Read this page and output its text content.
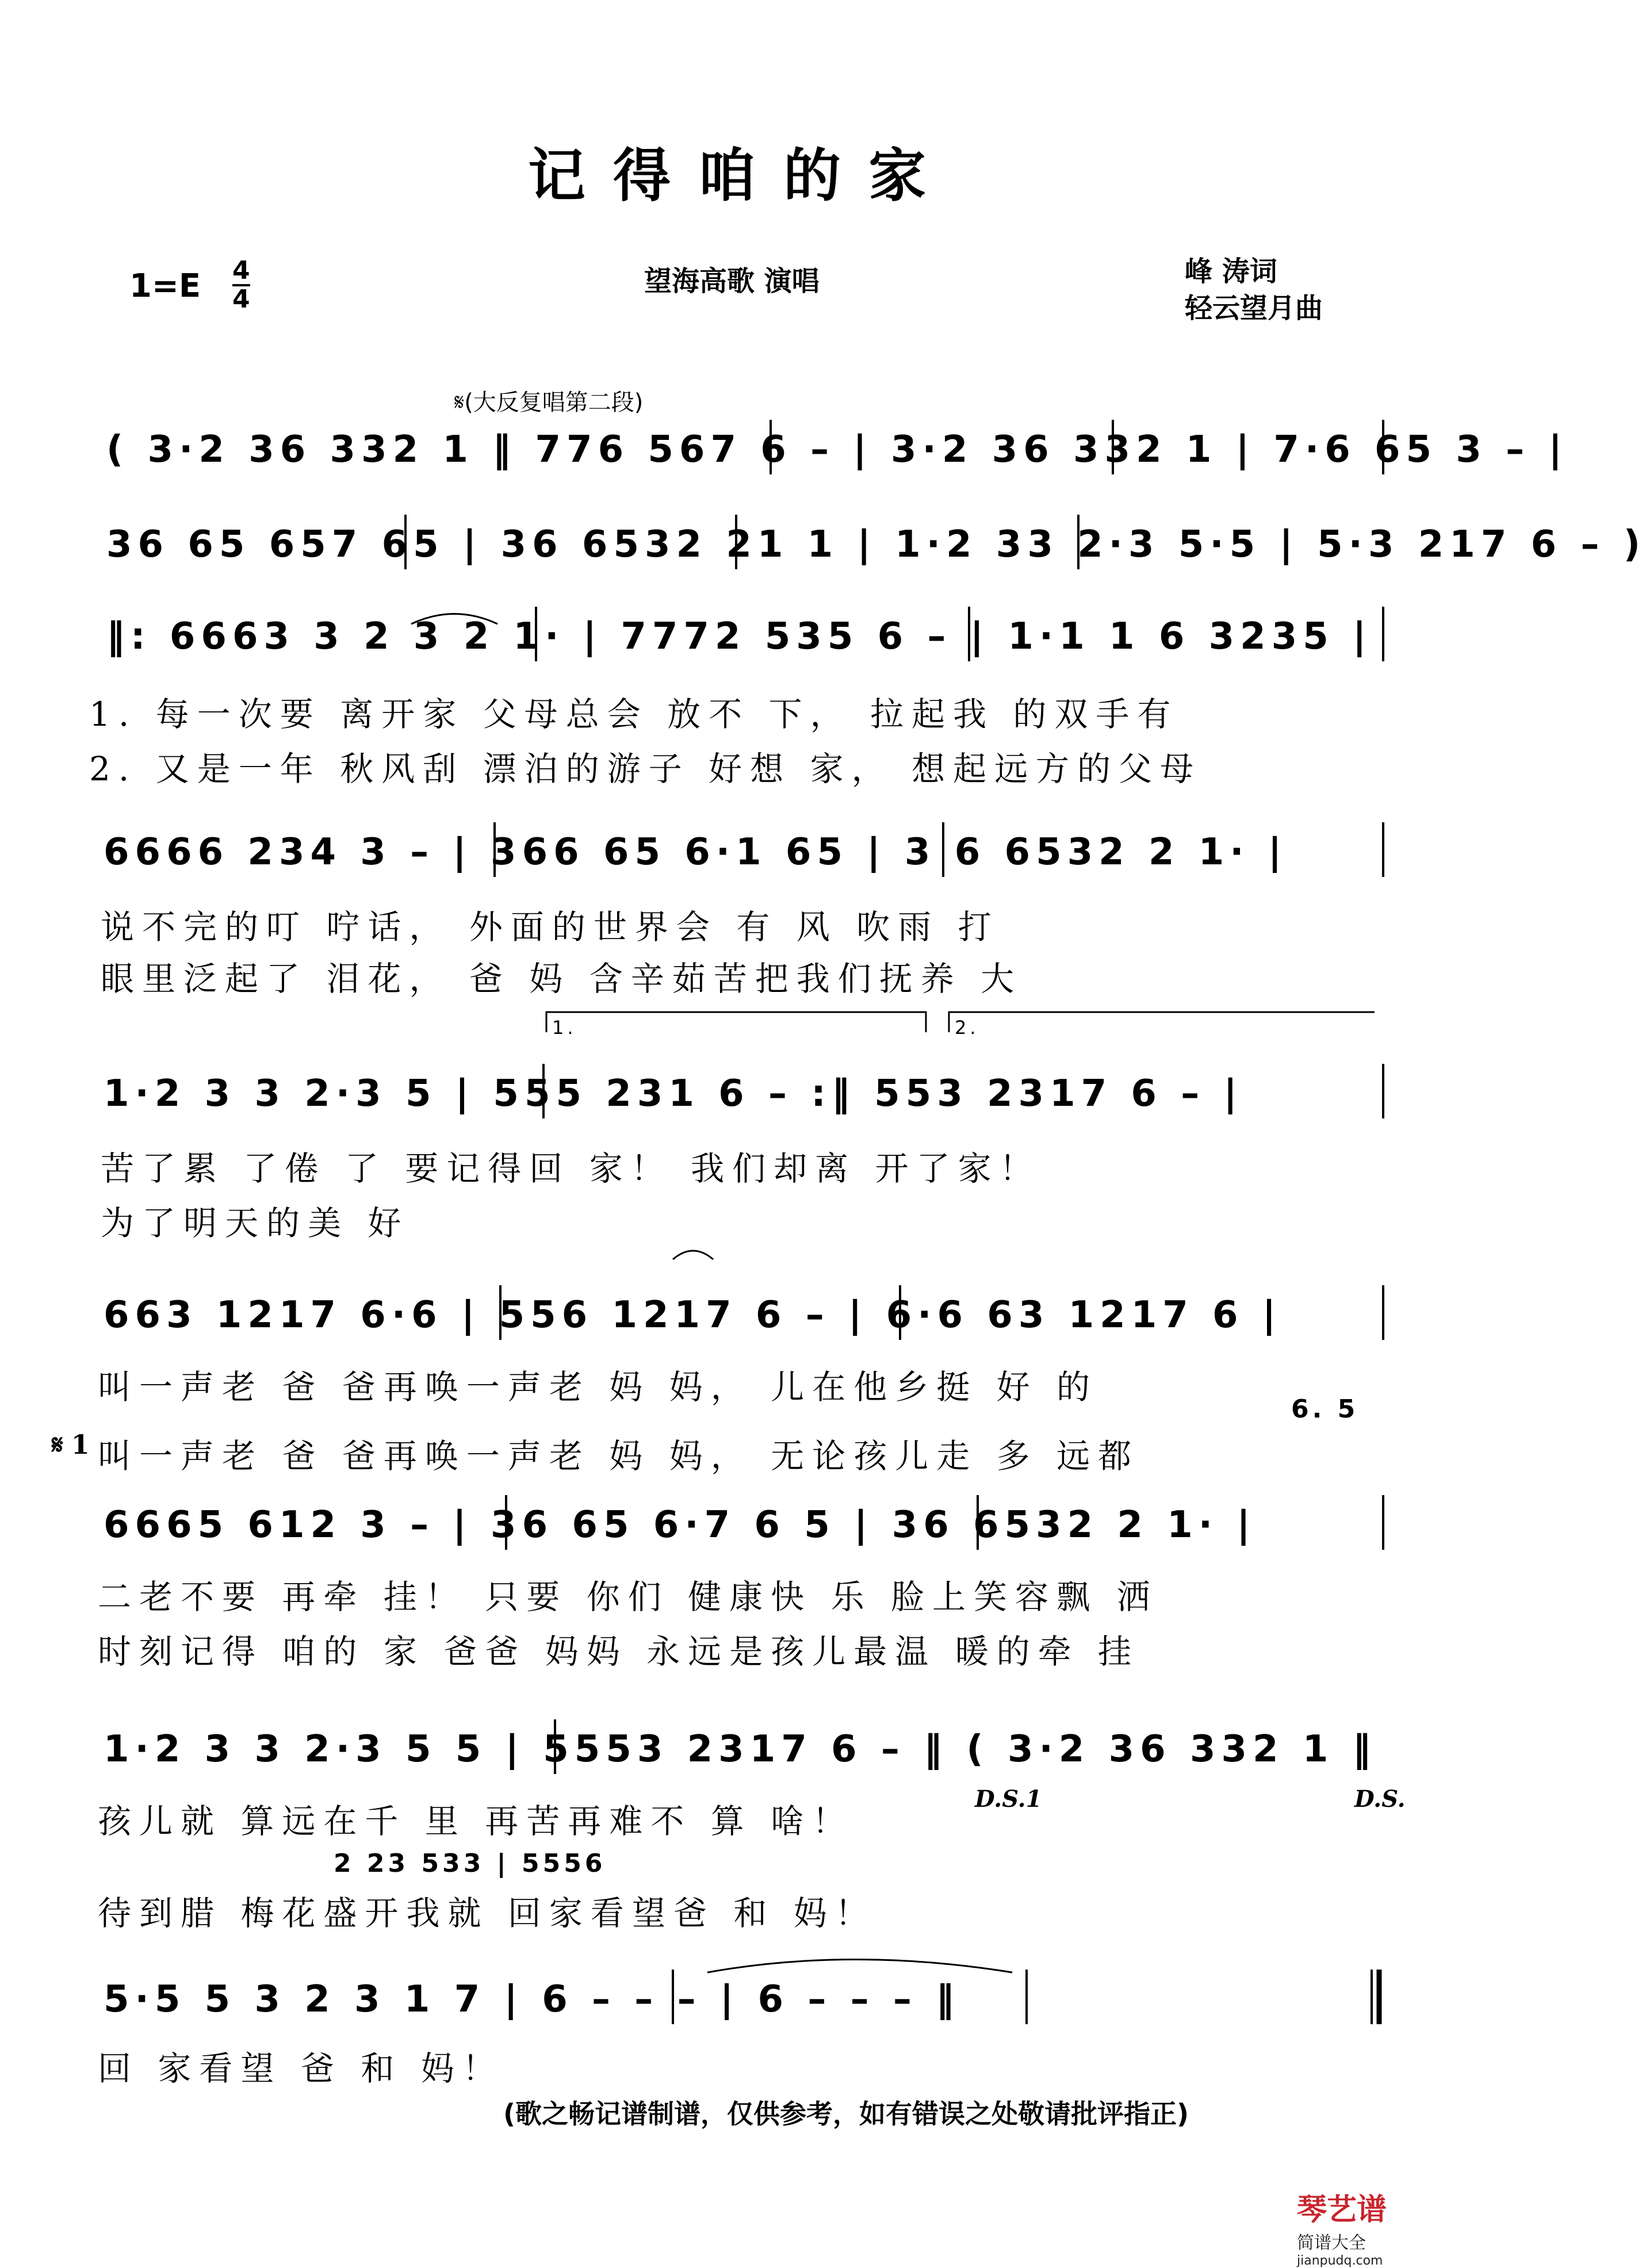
记得咱的家
1=E 4
4
望海高歌 演唱	峰 涛词
轻云望月曲
𝄋(大反复唱第二段)
( 3·2 36 332 1 ‖ 776 567 6 – | 3·2 36 332 1 | 7·6 65 3 – |
36 65 657 65 | 36 6532 21 1 | 1·2 33 2·3 5·5 | 5·3 217 6 – )
‖: 6663 3 2 3 2 1· | 7772 535 6 – | 1·1 1 6 3235 |
1. 每一次要 离开家 父母总会 放不 下， 拉起我 的双手有
2. 又是一年 秋风刮 漂泊的游子 好想 家， 想起远方的父母
6666 234 3 – | 366 65 6·1 65 | 3 6 6532 2 1· |
说不完的叮 咛话， 外面的世界会 有 风 吹雨 打
眼里泛起了 泪花， 爸 妈 含辛茹苦把我们抚养 大
1.	2.
1·2 3 3 2·3 5 | 555 231 6 – :‖ 553 2317 6 – |
苦了累 了倦 了 要记得回 家！ 我们却离 开了家！
为了明天的美 好
663 1217 6·6 | 556 1217 6 – | 6·6 63 1217 6 |
叫一声老 爸 爸再唤一声老 妈 妈， 儿在他乡挺 好 的
6. 5
𝄋1 叫一声老 爸 爸再唤一声老 妈 妈， 无论孩儿走 多 远都
6665 612 3 – | 36 65 6·7 6 5 | 36 6532 2 1· |
二老不要 再牵 挂！ 只要 你们 健康快 乐 脸上笑容飘 洒
时刻记得 咱的 家 爸爸 妈妈 永远是孩儿最温 暖的牵 挂
1·2 3 3 2·3 5 5 | 5553 2317 6 – ‖ ( 3·2 36 332 1 ‖
D.S.1	D.S.
孩儿就 算远在千 里 再苦再难不 算 啥！
2 23 533 | 5556
待到腊 梅花盛开我就 回家看望爸 和 妈！
5·5 5 3 2 3 1 7 | 6 – – – | 6 – – – ‖
回 家看望 爸 和 妈！
(歌之畅记谱制谱，仅供参考，如有错误之处敬请批评指正)
琴艺谱
简谱大全
jianpudq.com
